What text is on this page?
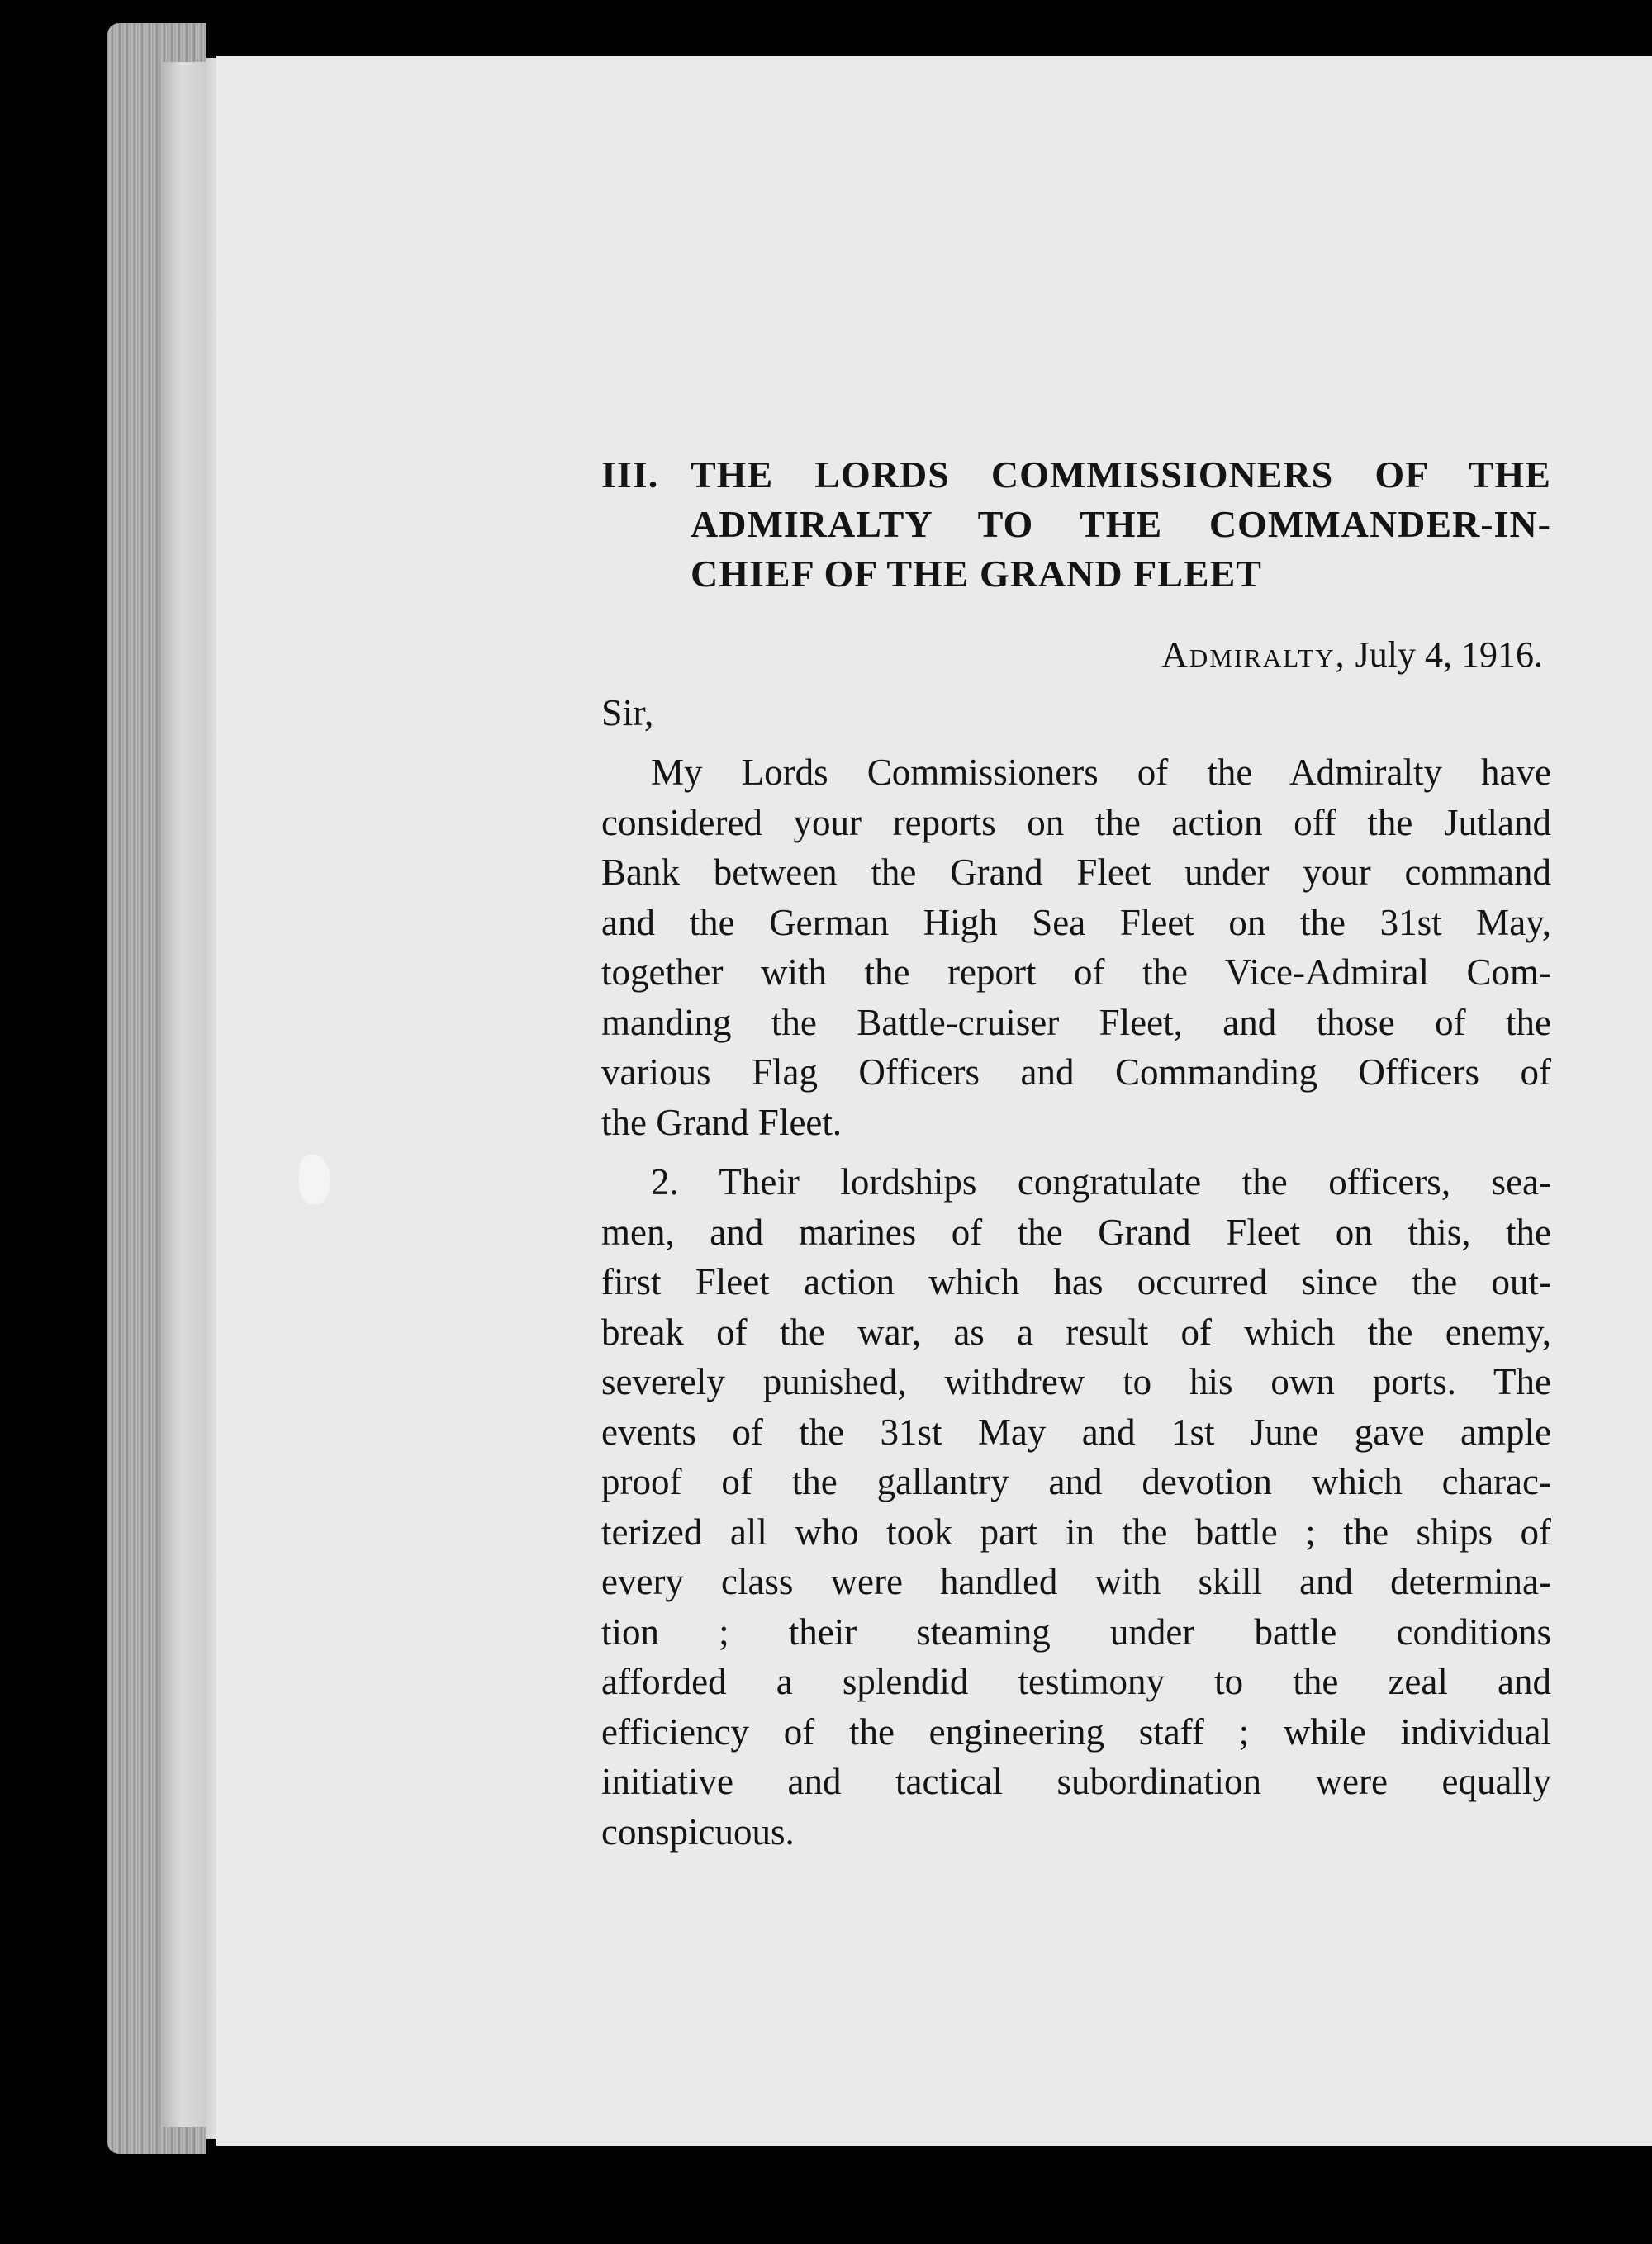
III. THE LORDS COMMISSIONERS OF THE
ADMIRALTY TO THE COMMANDER-IN-
CHIEF OF THE GRAND FLEET
Admiralty, July 4, 1916.
Sir,
My Lords Commissioners of the Admiralty have
considered your reports on the action off the Jutland
Bank between the Grand Fleet under your command
and the German High Sea Fleet on the 31st May,
together with the report of the Vice-Admiral Com-
manding the Battle-cruiser Fleet, and those of the
various Flag Officers and Commanding Officers of
the Grand Fleet.
2. Their lordships congratulate the officers, sea-
men, and marines of the Grand Fleet on this, the
first Fleet action which has occurred since the out-
break of the war, as a result of which the enemy,
severely punished, withdrew to his own ports. The
events of the 31st May and 1st June gave ample
proof of the gallantry and devotion which charac-
terized all who took part in the battle ; the ships of
every class were handled with skill and determina-
tion ; their steaming under battle conditions
afforded a splendid testimony to the zeal and
efficiency of the engineering staff ; while individual
initiative and tactical subordination were equally
conspicuous.
